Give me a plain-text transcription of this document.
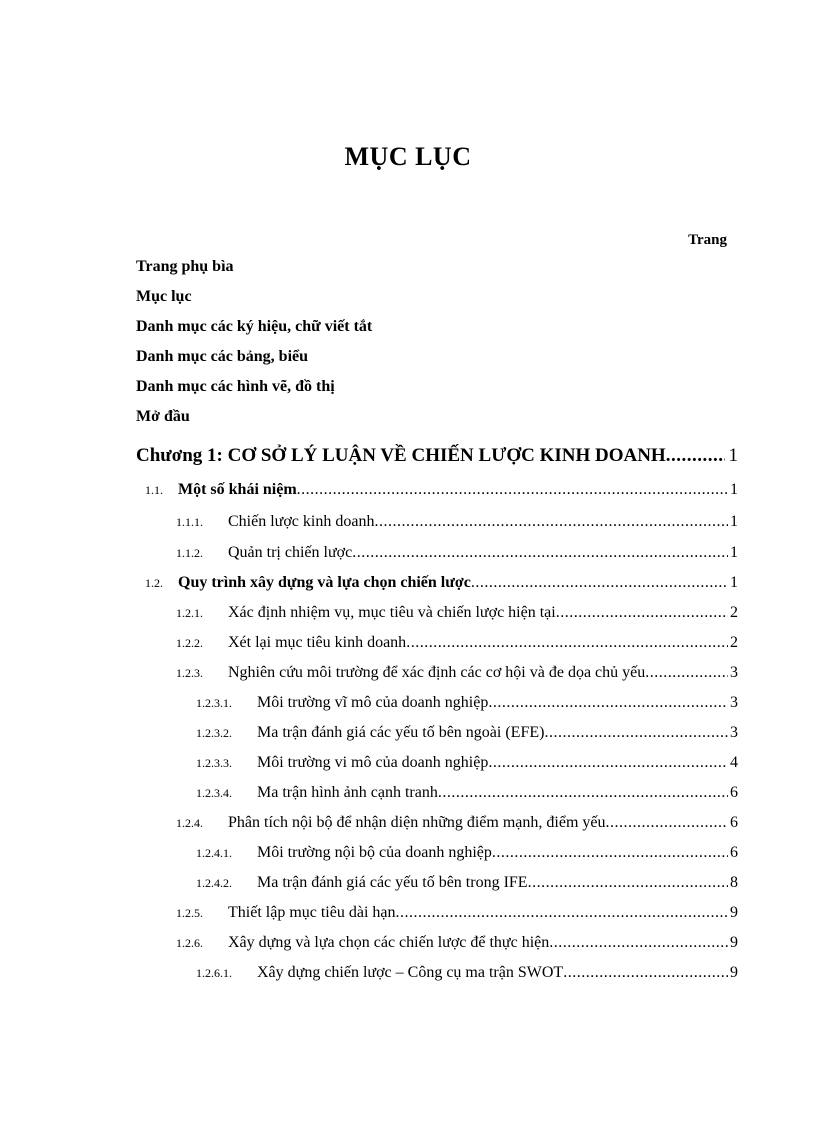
MỤC LỤC
Trang
Trang phụ bìa
Mục lục
Danh mục các ký hiệu, chữ viết tắt
Danh mục các bảng, biểu
Danh mục các hình vẽ, đồ thị
Mở đầu
Chương 1: CƠ SỞ LÝ LUẬN VỀ CHIẾN LƯỢC KINH DOANH .....	1
1.1. Một số khái niệm .....	1
1.1.1.	Chiến lược kinh doanh .....	1
1.1.2.	Quản trị chiến lược .....	1
1.2. Quy trình xây dựng và lựa chọn chiến lược .....	1
1.2.1.	Xác định nhiệm vụ, mục tiêu và chiến lược hiện tại .....	2
1.2.2.	Xét lại mục tiêu kinh doanh .....	2
1.2.3.	Nghiên cứu môi trường để xác định các cơ hội và đe dọa chủ yếu .....	3
1.2.3.1.	Môi trường vĩ mô của doanh nghiệp .....	3
1.2.3.2.	Ma trận đánh giá các yếu tố bên ngoài (EFE) .....	3
1.2.3.3.	Môi trường vi mô của doanh nghiệp .....	4
1.2.3.4.	Ma trận hình ảnh cạnh tranh .....	6
1.2.4.	Phân tích nội bộ để nhận diện những điểm mạnh, điểm yếu .....	6
1.2.4.1.	Môi trường nội bộ của doanh nghiệp .....	6
1.2.4.2.	Ma trận đánh giá các yếu tố bên trong IFE .....	8
1.2.5.	Thiết lập mục tiêu dài hạn .....	9
1.2.6.	Xây dựng và lựa chọn các chiến lược để thực hiện .....	9
1.2.6.1.	Xây dựng chiến lược – Công cụ ma trận SWOT .....	9
